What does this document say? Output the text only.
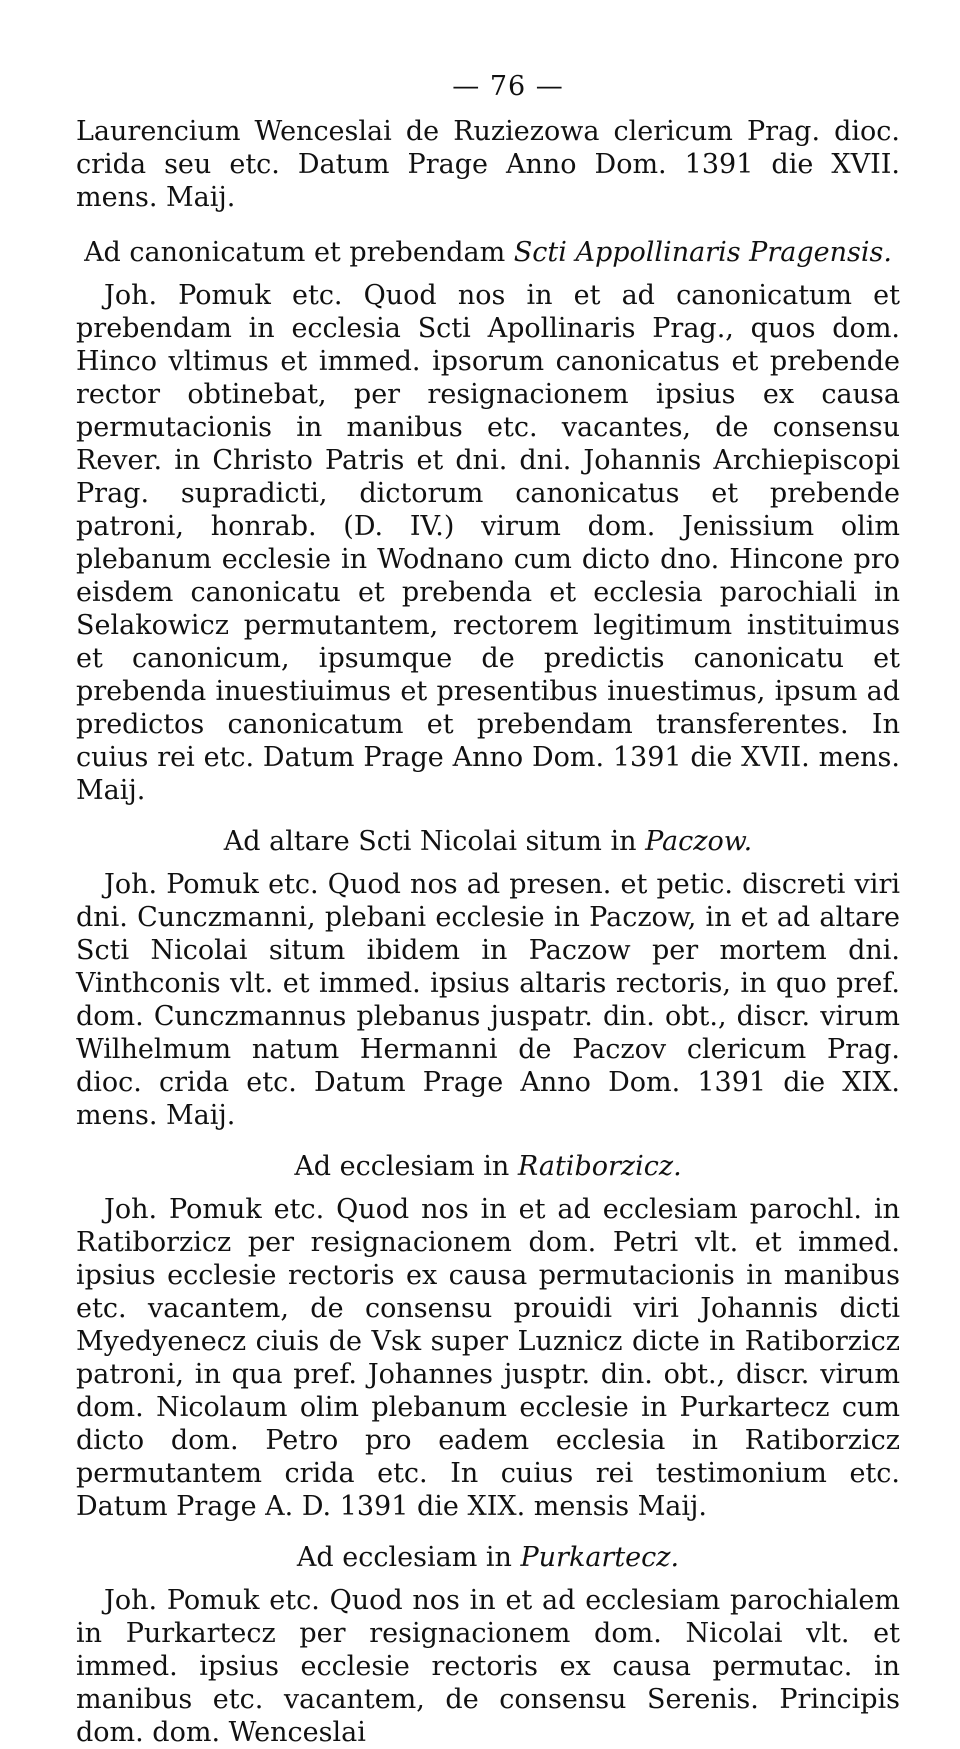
— 76 —

Laurencium Wenceslai de Ruziezowa clericum Prag. dioc. crida seu etc. Datum Prage Anno Dom. 1391 die XVII. mens. Maij.

Ad canonicatum et prebendam Scti Appollinaris Pragensis.

Joh. Pomuk etc. Quod nos in et ad canonicatum et prebendam in ecclesia Scti Apollinaris Prag., quos dom. Hinco vltimus et immed. ipsorum canonicatus et prebende rector obtinebat, per resignacionem ipsius ex causa permutacionis in manibus etc. vacantes, de consensu Rever. in Christo Patris et dni. dni. Johannis Archiepiscopi Prag. supradicti, dictorum canonicatus et prebende patroni, honrab. (D. IV.) virum dom. Jenissium olim plebanum ecclesie in Wodnano cum dicto dno. Hincone pro eisdem canonicatu et prebenda et ecclesia parochiali in Selakowicz permutantem, rectorem legitimum instituimus et canonicum, ipsumque de predictis canonicatu et prebenda inuestiuimus et presentibus inuestimus, ipsum ad predictos canonicatum et prebendam transferentes. In cuius rei etc. Datum Prage Anno Dom. 1391 die XVII. mens. Maij.

Ad altare Scti Nicolai situm in Paczow.

Joh. Pomuk etc. Quod nos ad presen. et petic. discreti viri dni. Cunczmanni, plebani ecclesie in Paczow, in et ad altare Scti Nicolai situm ibidem in Paczow per mortem dni. Vinthconis vlt. et immed. ipsius altaris rectoris, in quo pref. dom. Cunczmannus plebanus juspatr. din. obt., discr. virum Wilhelmum natum Hermanni de Paczov clericum Prag. dioc. crida etc. Datum Prage Anno Dom. 1391 die XIX. mens. Maij.

Ad ecclesiam in Ratiborzicz.

Joh. Pomuk etc. Quod nos in et ad ecclesiam parochl. in Ratiborzicz per resignacionem dom. Petri vlt. et immed. ipsius ecclesie rectoris ex causa permutacionis in manibus etc. vacantem, de consensu prouidi viri Johannis dicti Myedyenecz ciuis de Vsk super Luznicz dicte in Ratiborzicz patroni, in qua pref. Johannes jusptr. din. obt., discr. virum dom. Nicolaum olim plebanum ecclesie in Purkartecz cum dicto dom. Petro pro eadem ecclesia in Ratiborzicz permutantem crida etc. In cuius rei testimonium etc. Datum Prage A. D. 1391 die XIX. mensis Maij.

Ad ecclesiam in Purkartecz.

Joh. Pomuk etc. Quod nos in et ad ecclesiam parochialem in Purkartecz per resignacionem dom. Nicolai vlt. et immed. ipsius ecclesie rectoris ex causa permutac. in manibus etc. vacantem, de consensu Serenis. Principis dom. dom. Wenceslai
